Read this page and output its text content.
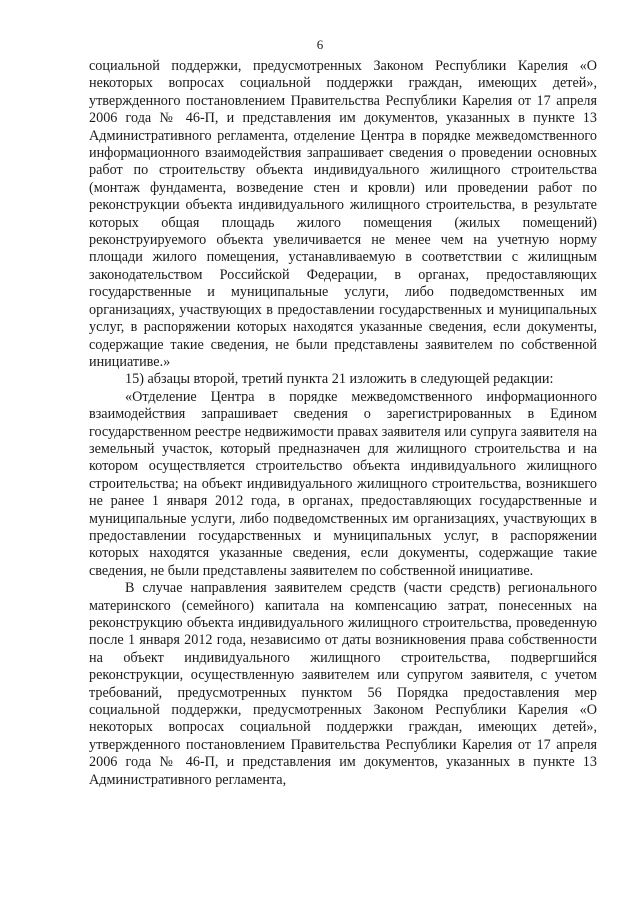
6

социальной поддержки, предусмотренных Законом Республики Карелия «О некоторых вопросах социальной поддержки граждан, имеющих детей», утвержденного постановлением Правительства Республики Карелия от 17 апреля 2006 года № 46-П, и представления им документов, указанных в пункте 13 Административного регламента, отделение Центра в порядке межведомственного информационного взаимодействия запрашивает сведения о проведении основных работ по строительству объекта индивидуального жилищного строительства (монтаж фундамента, возведение стен и кровли) или проведении работ по реконструкции объекта индивидуального жилищного строительства, в результате которых общая площадь жилого помещения (жилых помещений) реконструируемого объекта увеличивается не менее чем на учетную норму площади жилого помещения, устанавливаемую в соответствии с жилищным законодательством Российской Федерации, в органах, предоставляющих государственные и муниципальные услуги, либо подведомственных им организациях, участвующих в предоставлении государственных и муниципальных услуг, в распоряжении которых находятся указанные сведения, если документы, содержащие такие сведения, не были представлены заявителем по собственной инициативе.»

15) абзацы второй, третий пункта 21 изложить в следующей редакции:

«Отделение Центра в порядке межведомственного информационного взаимодействия запрашивает сведения о зарегистрированных в Едином государственном реестре недвижимости правах заявителя или супруга заявителя на земельный участок, который предназначен для жилищного строительства и на котором осуществляется строительство объекта индивидуального жилищного строительства; на объект индивидуального жилищного строительства, возникшего не ранее 1 января 2012 года, в органах, предоставляющих государственные и муниципальные услуги, либо подведомственных им организациях, участвующих в предоставлении государственных и муниципальных услуг, в распоряжении которых находятся указанные сведения, если документы, содержащие такие сведения, не были представлены заявителем по собственной инициативе.

В случае направления заявителем средств (части средств) регионального материнского (семейного) капитала на компенсацию затрат, понесенных на реконструкцию объекта индивидуального жилищного строительства, проведенную после 1 января 2012 года, независимо от даты возникновения права собственности на объект индивидуального жилищного строительства, подвергшийся реконструкции, осуществленную заявителем или супругом заявителя, с учетом требований, предусмотренных пунктом 56 Порядка предоставления мер социальной поддержки, предусмотренных Законом Республики Карелия «О некоторых вопросах социальной поддержки граждан, имеющих детей», утвержденного постановлением Правительства Республики Карелия от 17 апреля 2006 года № 46-П, и представления им документов, указанных в пункте 13 Административного регламента,
